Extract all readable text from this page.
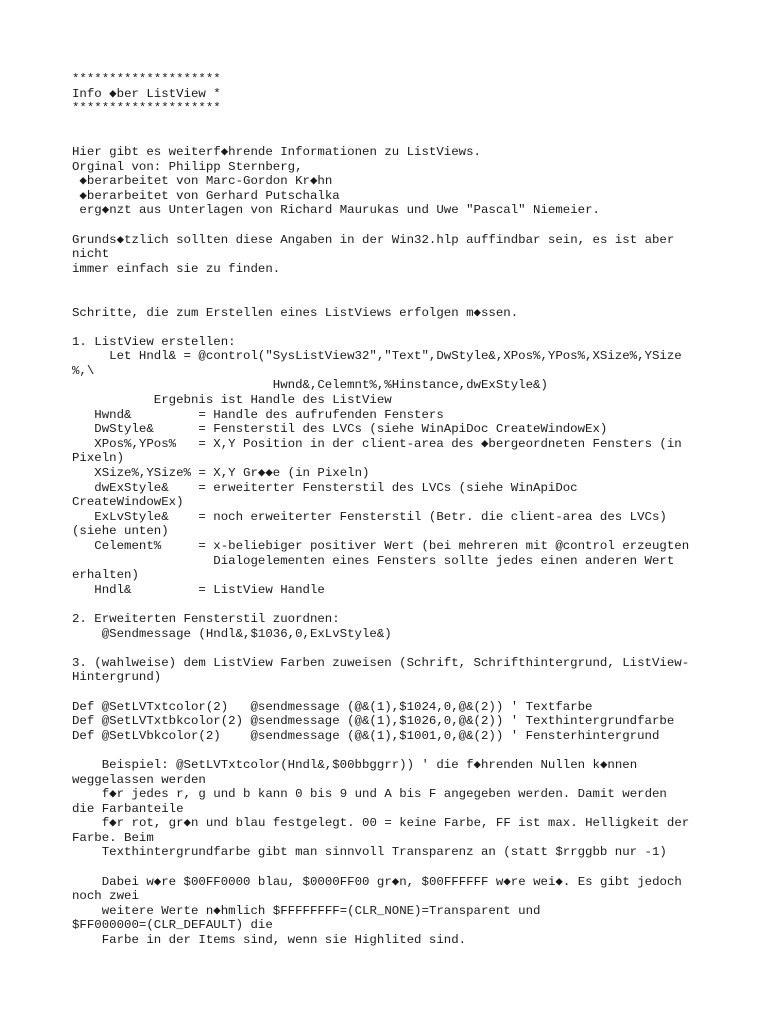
********************
Info ◆ber ListView *
********************
Hier gibt es weiterf◆hrende Informationen zu ListViews.
Orginal von: Philipp Sternberg,
◆berarbeitet von Marc-Gordon Kr◆hn
◆berarbeitet von Gerhard Putschalka
erg◆nzt aus Unterlagen von Richard Maurukas und Uwe "Pascal" Niemeier.
Grunds◆tzlich sollten diese Angaben in der Win32.hlp auffindbar sein, es ist aber
nicht
immer einfach sie zu finden.
Schritte, die zum Erstellen eines ListViews erfolgen m◆ssen.
1. ListView erstellen:
Let Hndl& = @control("SysListView32","Text",DwStyle&,XPos%,YPos%,XSize%,YSize
%,\
Hwnd&,Celemnt%,%Hinstance,dwExStyle&)
Ergebnis ist Handle des ListView
Hwnd&         = Handle des aufrufenden Fensters
DwStyle&      = Fensterstil des LVCs (siehe WinApiDoc CreateWindowEx)
XPos%,YPos%   = X,Y Position in der client-area des ◆bergeordneten Fensters (in
Pixeln)
XSize%,YSize% = X,Y Gr◆◆e (in Pixeln)
dwExStyle&    = erweiterter Fensterstil des LVCs (siehe WinApiDoc
CreateWindowEx)
ExLvStyle&    = noch erweiterter Fensterstil (Betr. die client-area des LVCs)
(siehe unten)
Celement%     = x-beliebiger positiver Wert (bei mehreren mit @control erzeugten
Dialogelementen eines Fensters sollte jedes einen anderen Wert
erhalten)
Hndl&         = ListView Handle
2. Erweiterten Fensterstil zuordnen:
@Sendmessage (Hndl&,$1036,0,ExLvStyle&)
3. (wahlweise) dem ListView Farben zuweisen (Schrift, Schrifthintergrund, ListView-
Hintergrund)
Def @SetLVTxtcolor(2)   @sendmessage (@&(1),$1024,0,@&(2)) ' Textfarbe
Def @SetLVTxtbkcolor(2) @sendmessage (@&(1),$1026,0,@&(2)) ' Texthintergrundfarbe
Def @SetLVbkcolor(2)    @sendmessage (@&(1),$1001,0,@&(2)) ' Fensterhintergrund
Beispiel: @SetLVTxtcolor(Hndl&,$00bbggrr)) ' die f◆hrenden Nullen k◆nnen
weggelassen werden
f◆r jedes r, g und b kann 0 bis 9 und A bis F angegeben werden. Damit werden
die Farbanteile
f◆r rot, gr◆n und blau festgelegt. 00 = keine Farbe, FF ist max. Helligkeit der
Farbe. Beim
Texthintergrundfarbe gibt man sinnvoll Transparenz an (statt $rrggbb nur -1)
Dabei w◆re $00FF0000 blau, $0000FF00 gr◆n, $00FFFFFF w◆re wei◆. Es gibt jedoch
noch zwei
weitere Werte n◆hmlich $FFFFFFFF=(CLR_NONE)=Transparent und
$FF000000=(CLR_DEFAULT) die
Farbe in der Items sind, wenn sie Highlited sind.
